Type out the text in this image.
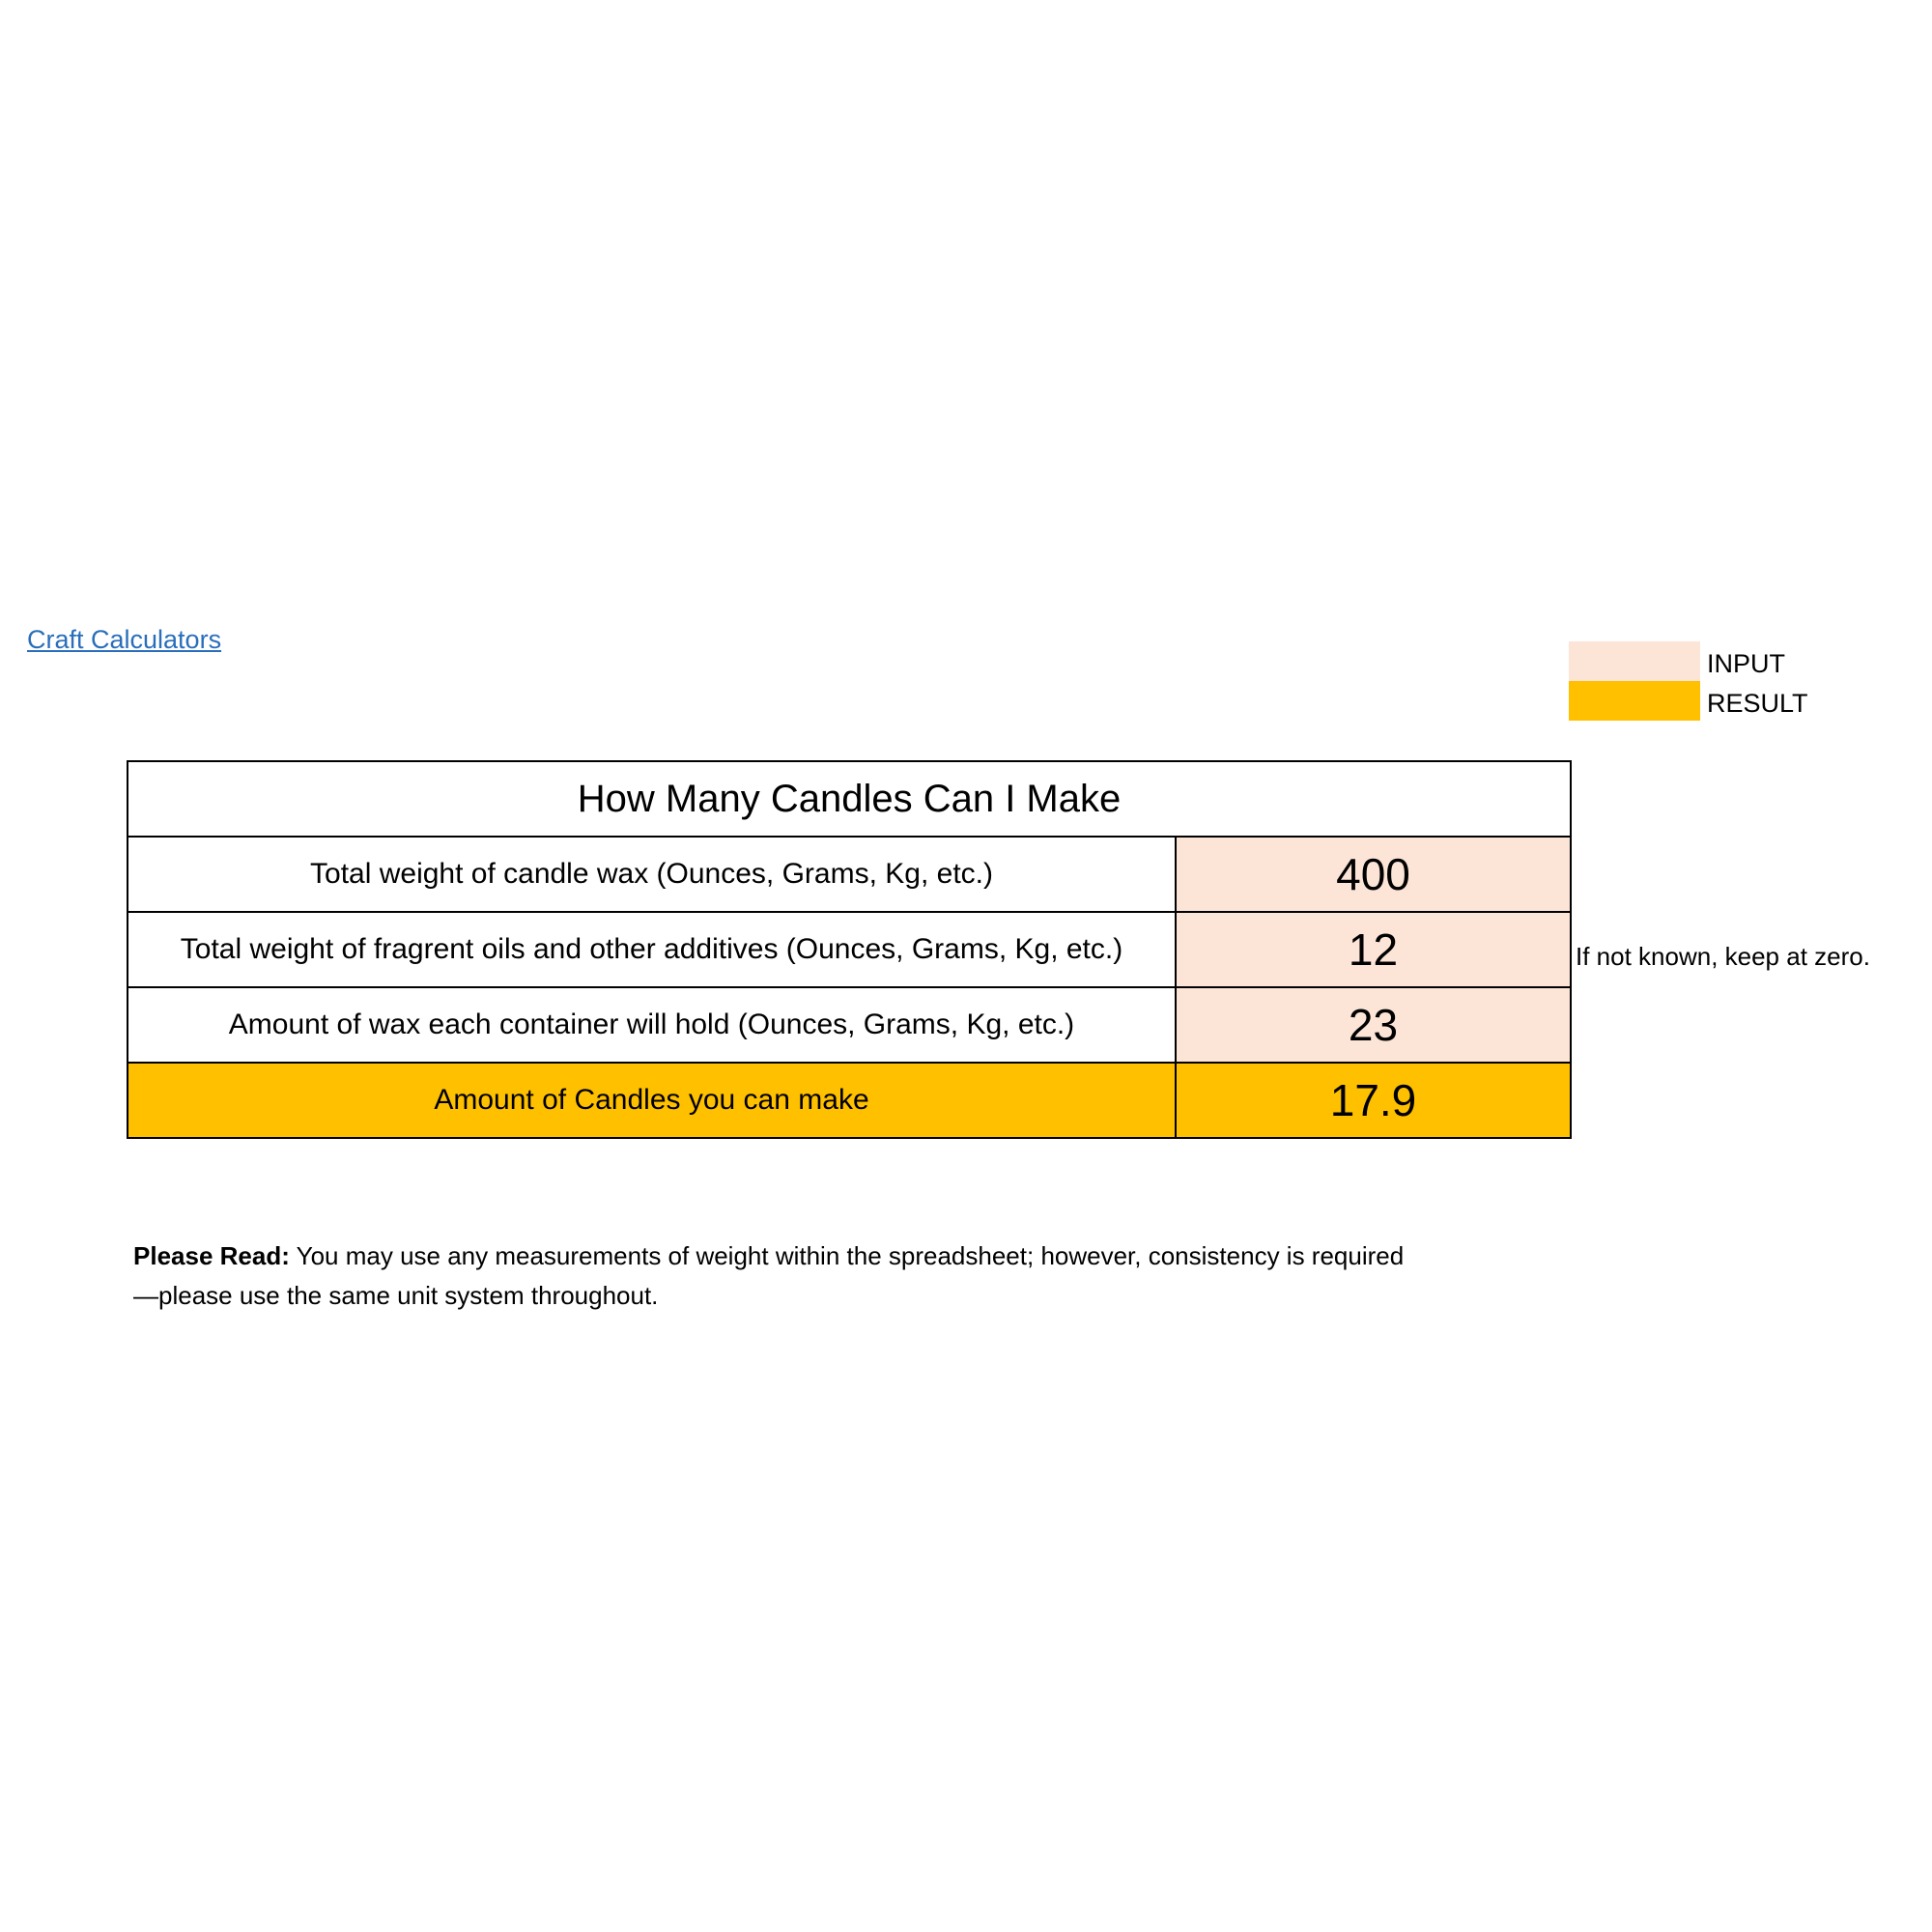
Craft Calculators
INPUT
RESULT
How Many Candles Can I Make	
Total weight of candle wax (Ounces, Grams, Kg, etc.)	400
Total weight of fragrent oils and other additives (Ounces, Grams, Kg, etc.)	12
Amount of wax each container will hold (Ounces, Grams, Kg, etc.)	23
Amount of Candles you can make	17.9
If not known, keep at zero.
Please Read: You may use any measurements of weight within the spreadsheet; however, consistency is required—please use the same unit system throughout.
